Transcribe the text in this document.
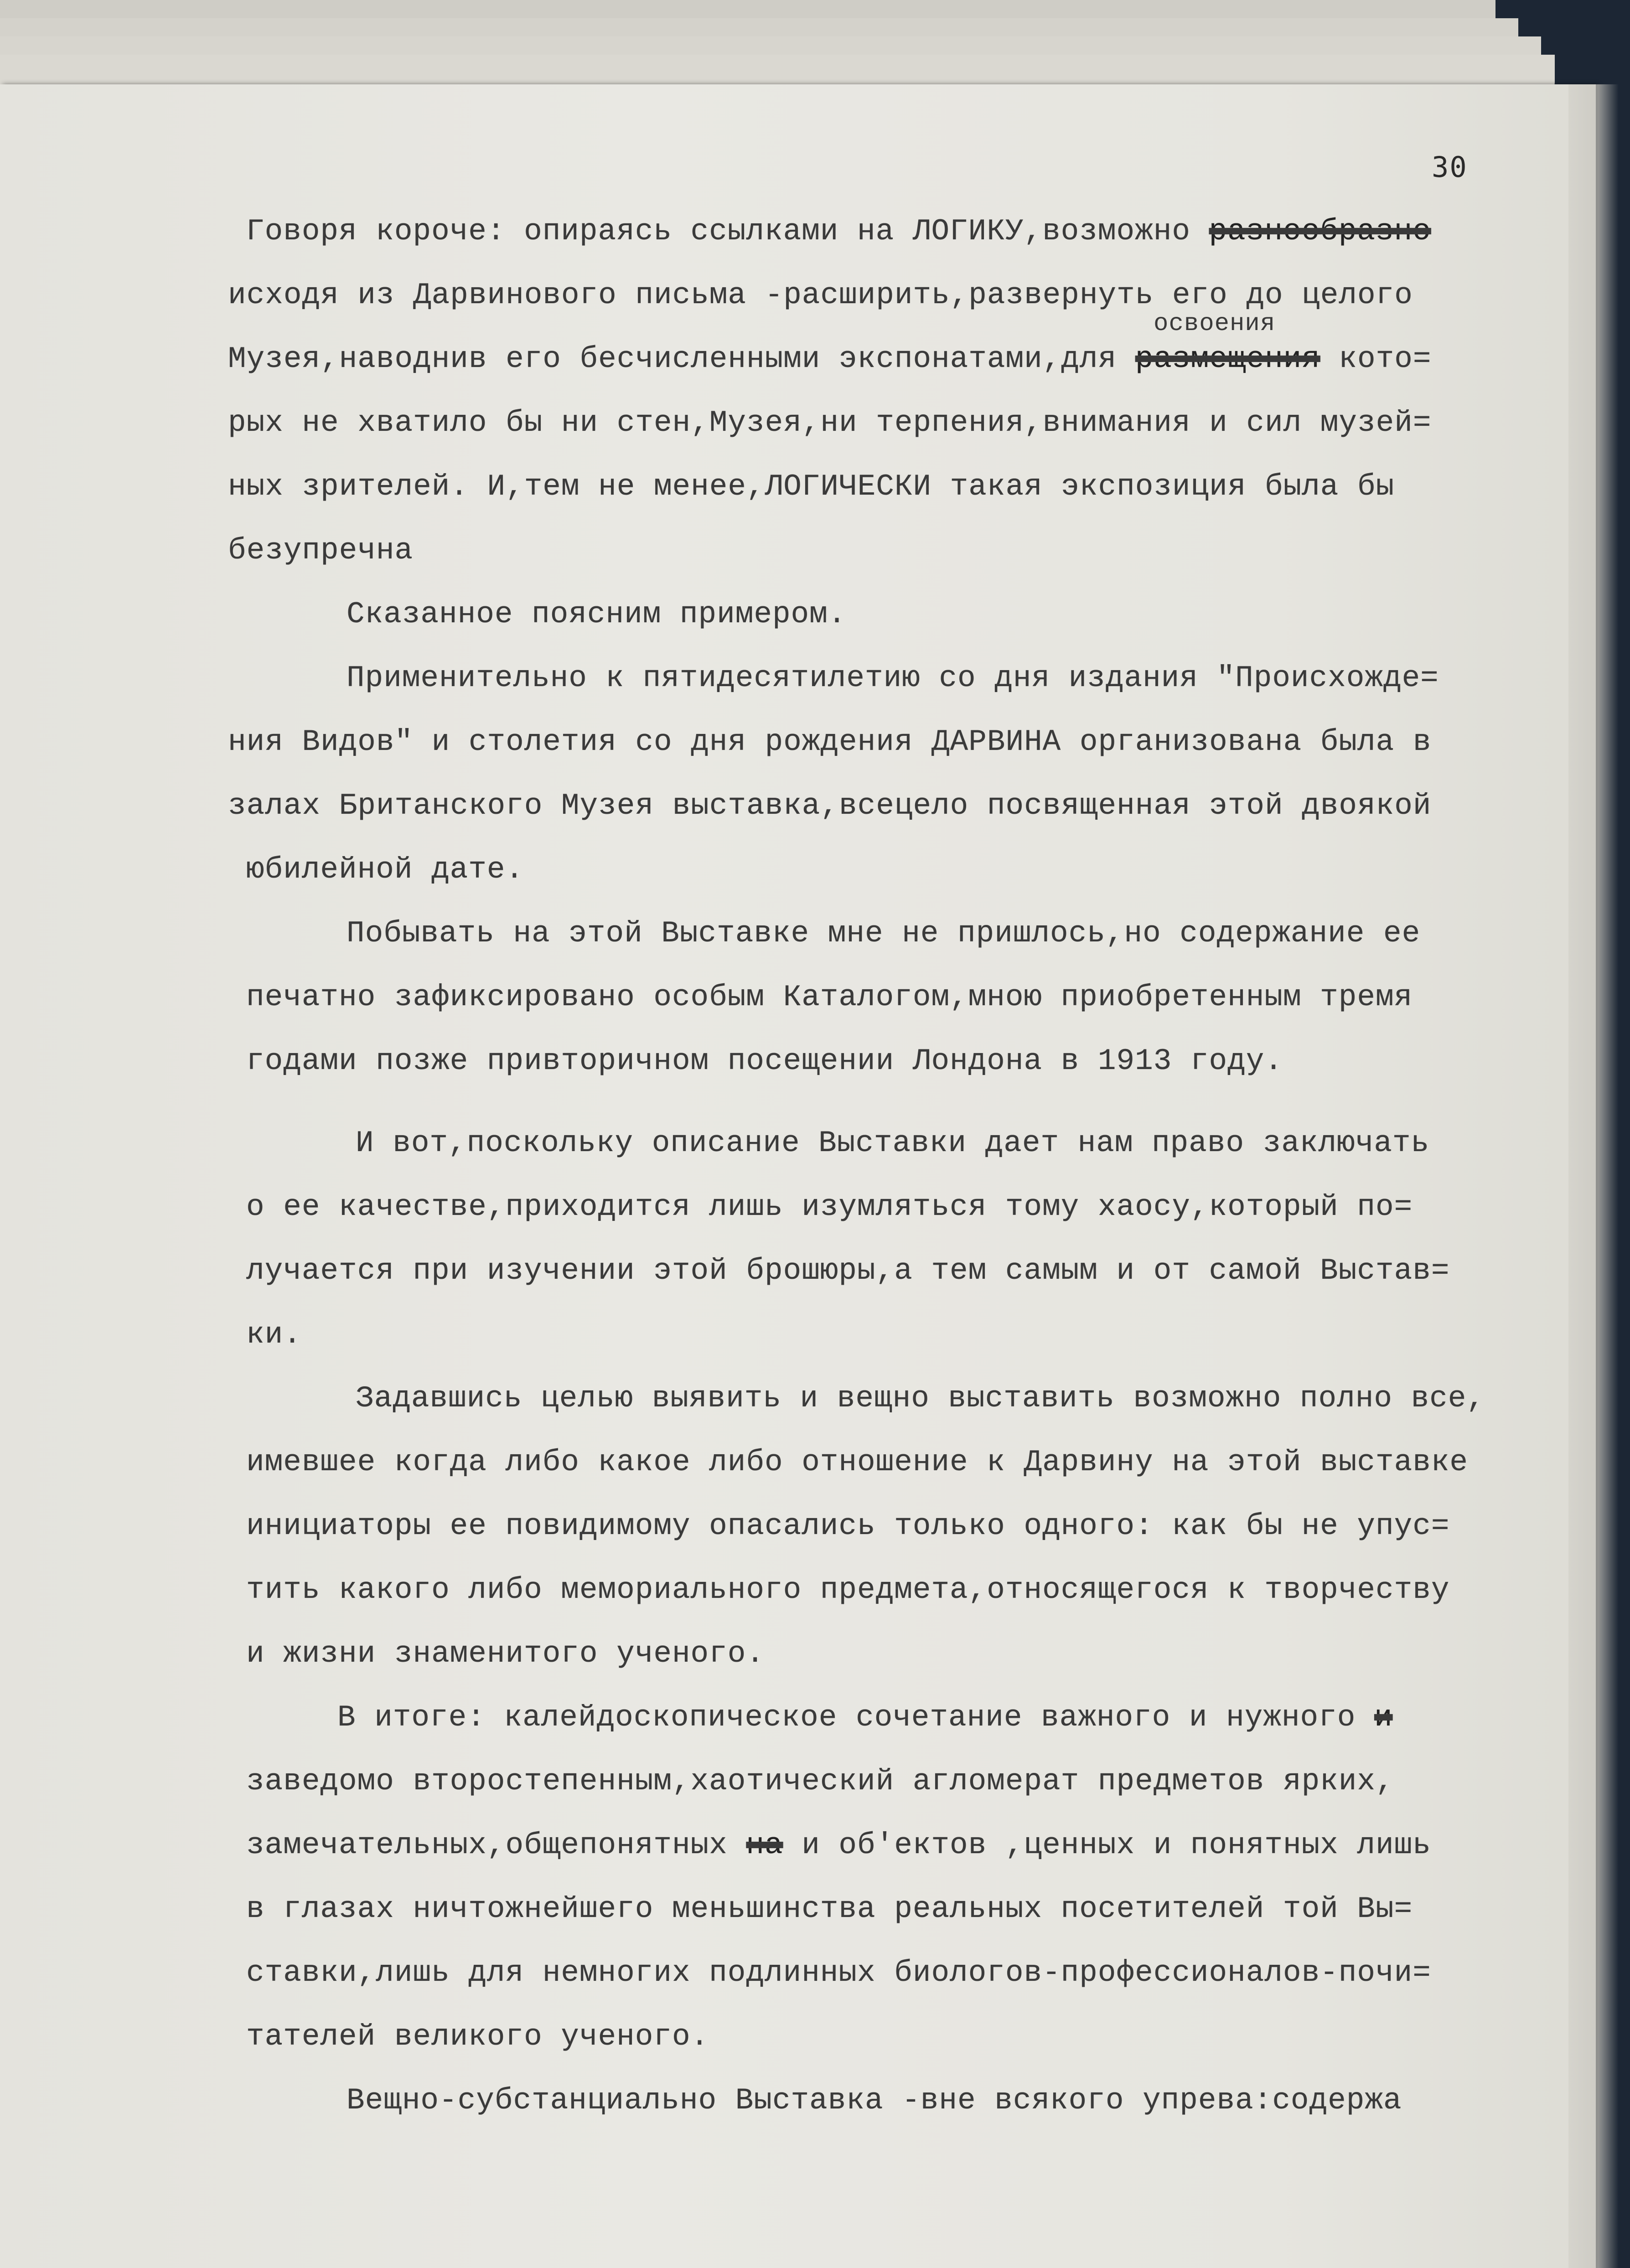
30
освоения
Говоря короче: опираясь ссылками на ЛОГИКУ,возможно разнообразно
исходя из Дарвинового письма -расширить,развернуть его до целого
Музея,наводнив его бесчисленными экспонатами,для размещения кото=
рых не хватило бы ни стен,Музея,ни терпения,внимания и сил музей=
ных зрителей. И,тем не менее,ЛОГИЧЕСКИ такая экспозиция была бы
безупречна
Сказанное поясним примером.
Применительно к пятидесятилетию со дня издания "Происхожде=
ния Видов" и столетия со дня рождения ДАРВИНА организована была в
залах Британского Музея выставка,всецело посвященная этой двоякой
юбилейной дате.
Побывать на этой Выставке мне не пришлось,но содержание ее
печатно зафиксировано особым Каталогом,мною приобретенным тремя
годами позже привторичном посещении Лондона в 1913 году.
И вот,поскольку описание Выставки дает нам право заключать
о ее качестве,приходится лишь изумляться тому хаосу,который по=
лучается при изучении этой брошюры,а тем самым и от самой Выстав=
ки.
Задавшись целью выявить и вещно выставить возможно полно все,
имевшее когда либо какое либо отношение к Дарвину на этой выставке
инициаторы ее повидимому опасались только одного: как бы не упус=
тить какого либо мемориального предмета,относящегося к творчеству
и жизни знаменитого ученого.
В итоге: калейдоскопическое сочетание важного и нужного и
заведомо второстепенным,хаотический агломерат предметов ярких,
замечательных,общепонятных на и об'ектов ,ценных и понятных лишь
в глазах ничтожнейшего меньшинства реальных посетителей той Вы=
ставки,лишь для немногих подлинных биологов-профессионалов-почи=
тателей великого ученого.
Вещно-субстанциально Выставка -вне всякого упрева:содержа
